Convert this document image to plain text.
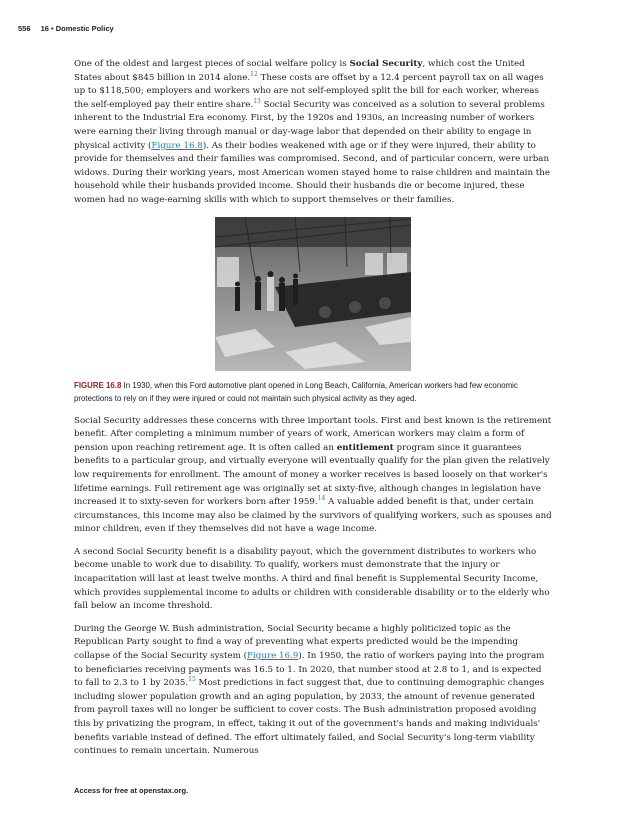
556 16 • Domestic Policy

One of the oldest and largest pieces of social welfare policy is Social Security, which cost the United States about $845 billion in 2014 alone.$^{12}$ These costs are offset by a 12.4 percent payroll tax on all wages up to $118,500; employers and workers who are not self-employed split the bill for each worker, whereas the self-employed pay their entire share.$^{13}$ Social Security was conceived as a solution to several problems inherent to the Industrial Era economy. First, by the 1920s and 1930s, an increasing number of workers were earning their living through manual or day-wage labor that depended on their ability to engage in physical activity (Figure 16.8). As their bodies weakened with age or if they were injured, their ability to provide for themselves and their families was compromised. Second, and of particular concern, were urban widows. During their working years, most American women stayed home to raise children and maintain the household while their husbands provided income. Should their husbands die or become injured, these women had no wage-earning skills with which to support themselves or their families.

FIGURE 16.8 In 1930, when this Ford automotive plant opened in Long Beach, California, American workers had few economic protections to rely on if they were injured or could not maintain such physical activity as they aged.

Social Security addresses these concerns with three important tools. First and best known is the retirement benefit. After completing a minimum number of years of work, American workers may claim a form of pension upon reaching retirement age. It is often called an entitlement program since it guarantees benefits to a particular group, and virtually everyone will eventually qualify for the plan given the relatively low requirements for enrollment. The amount of money a worker receives is based loosely on that worker's lifetime earnings. Full retirement age was originally set at sixty-five, although changes in legislation have increased it to sixty-seven for workers born after 1959.14 A valuable added benefit is that, under certain circumstances, this income may also be claimed by the survivors of qualifying workers, such as spouses and minor children, even if they themselves did not have a wage income.

A second Social Security benefit is a disability payout, which the government distributes to workers who become unable to work due to disability. To qualify, workers must demonstrate that the injury or incapacitation will last at least twelve months. A third and final benefit is Supplemental Security Income, which provides supplemental income to adults or children with considerable disability or to the elderly who fall below an income threshold.

During the George W. Bush administration, Social Security became a highly politicized topic as the Republican Party sought to find a way of preventing what experts predicted would be the impending collapse of the Social Security system (Figure 16.9). In 1950, the ratio of workers paying into the program to beneficiaries receiving payments was 16.5 to 1. In 2020, that number stood at 2.8 to 1, and is expected to fall to 2.3 to 1 by 2035.15 Most predictions in fact suggest that, due to continuing demographic changes including slower population growth and an aging population, by 2033, the amount of revenue generated from payroll taxes will no longer be sufficient to cover costs. The Bush administration proposed avoiding this by privatizing the program, in effect, taking it out of the government's hands and making individuals' benefits variable instead of defined. The effort ultimately failed, and Social Security's long-term viability continues to remain uncertain. Numerous

Access for free at openstax.org.
